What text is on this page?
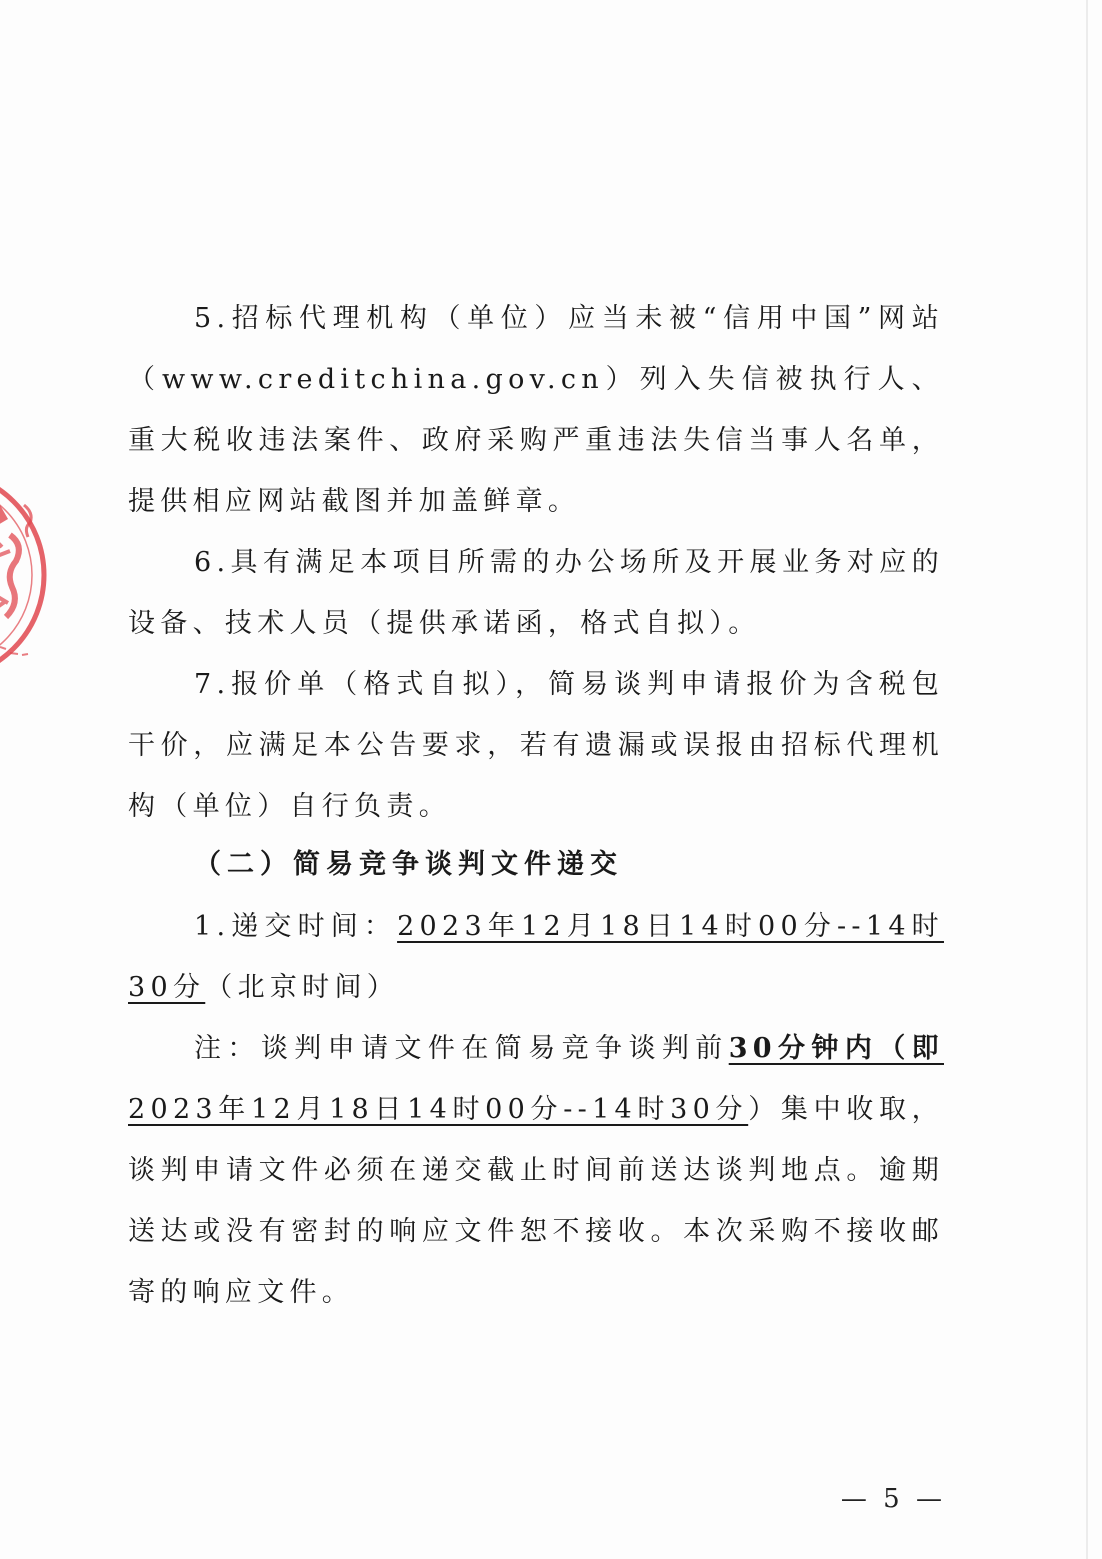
5.招标代理机构（单位）应当未被“信用中国”网站（www.creditchina.gov.cn）列入失信被执行人、重大税收违法案件、政府采购严重违法失信当事人名单，提供相应网站截图并加盖鲜章。

6.具有满足本项目所需的办公场所及开展业务对应的设备、技术人员（提供承诺函，格式自拟）。

7.报价单（格式自拟），简易谈判申请报价为含税包干价，应满足本公告要求，若有遗漏或误报由招标代理机构（单位）自行负责。

（二）简易竞争谈判文件递交

1.递交时间：2023年12月18日14时00分--14时30分（北京时间）

注：谈判申请文件在简易竞争谈判前30分钟内（即2023年12月18日14时00分--14时30分）集中收取，谈判申请文件必须在递交截止时间前送达谈判地点。逾期送达或没有密封的响应文件恕不接收。本次采购不接收邮寄的响应文件。

— 5 —
